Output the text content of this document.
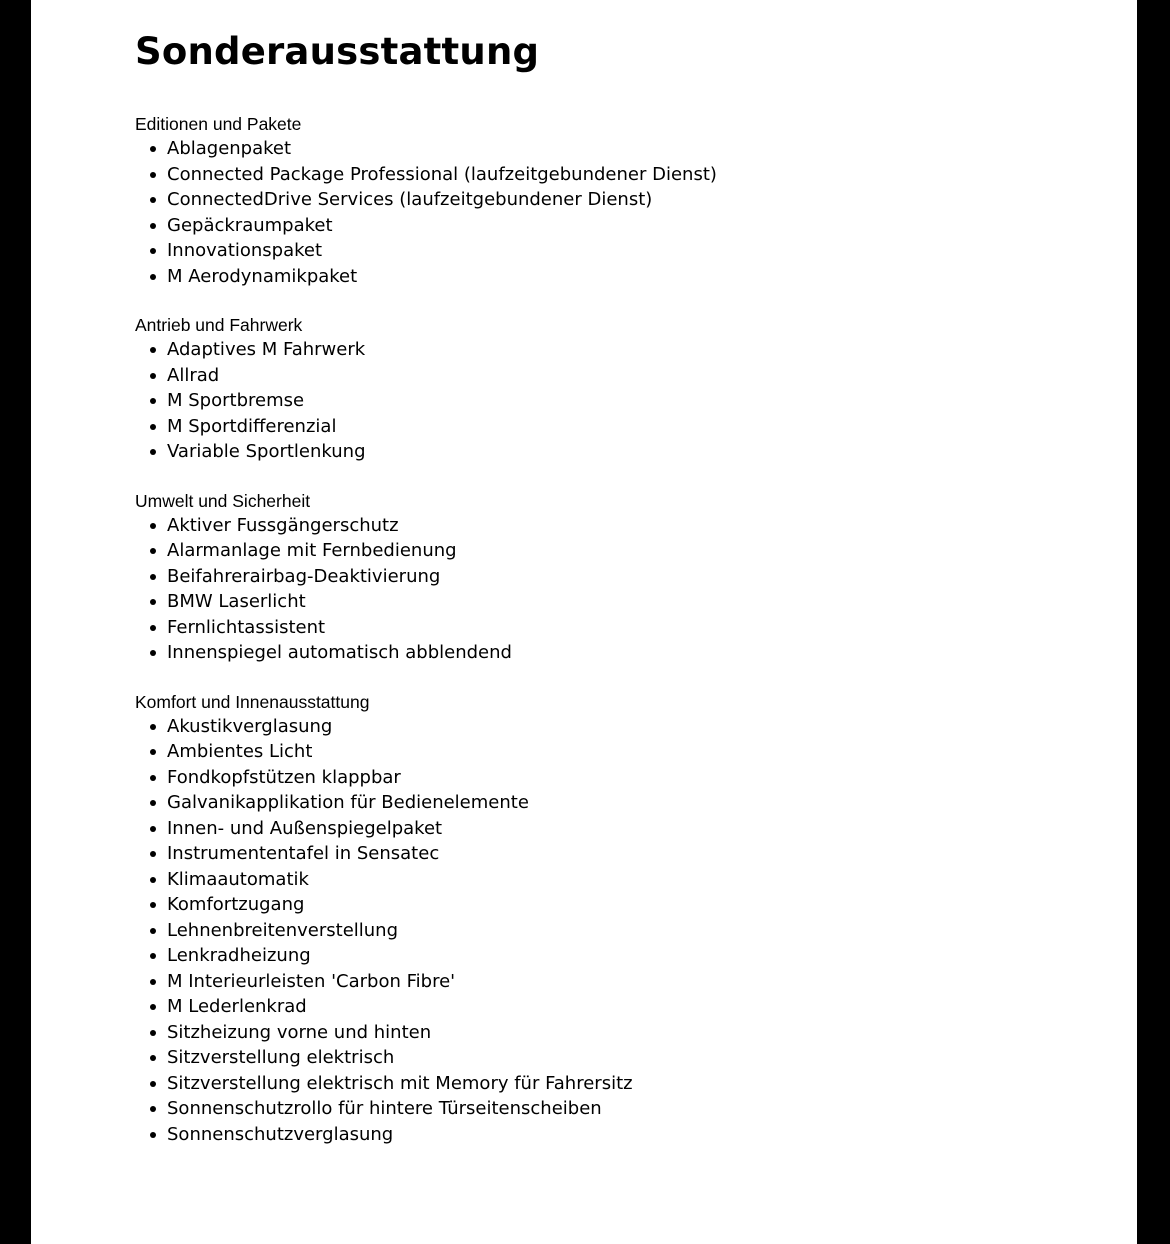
Sonderausstattung

Editionen und Pakete

Ablagenpaket
Connected Package Professional (laufzeitgebundener Dienst)
ConnectedDrive Services (laufzeitgebundener Dienst)
Gepäckraumpaket
Innovationspaket
M Aerodynamikpaket

Antrieb und Fahrwerk

Adaptives M Fahrwerk
Allrad
M Sportbremse
M Sportdifferenzial
Variable Sportlenkung

Umwelt und Sicherheit

Aktiver Fussgängerschutz
Alarmanlage mit Fernbedienung
Beifahrerairbag-Deaktivierung
BMW Laserlicht
Fernlichtassistent
Innenspiegel automatisch abblendend

Komfort und Innenausstattung

Akustikverglasung
Ambientes Licht
Fondkopfstützen klappbar
Galvanikapplikation für Bedienelemente
Innen- und Außenspiegelpaket
Instrumententafel in Sensatec
Klimaautomatik
Komfortzugang
Lehnenbreitenverstellung
Lenkradheizung
M Interieurleisten 'Carbon Fibre'
M Lederlenkrad
Sitzheizung vorne und hinten
Sitzverstellung elektrisch
Sitzverstellung elektrisch mit Memory für Fahrersitz
Sonnenschutzrollo für hintere Türseitenscheiben
Sonnenschutzverglasung
